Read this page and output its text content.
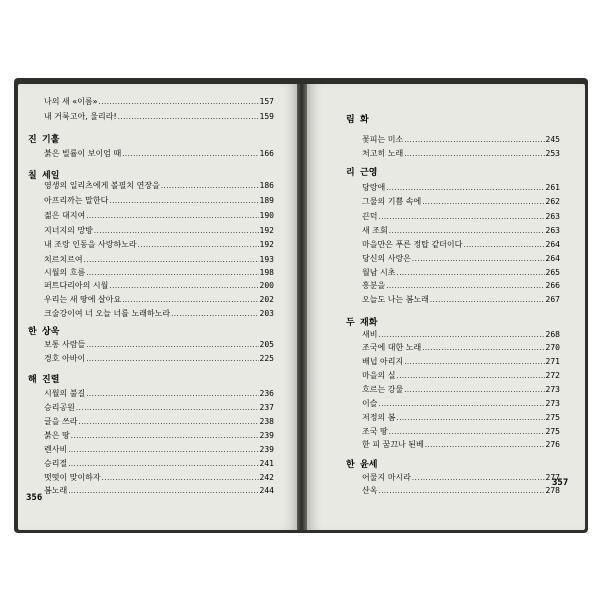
나의 새 «이름» .....	157
내 거룩고아, 울리라! .....	159
진 기훌
붉은 빌률이 보이엄 때 .....	166
칠 세일
영생의 일리츠에게 볼필치 연장을 .....	186
아프리까는 말한다 .....	189
젊은 대지여 .....	190
지너지의 망방 .....	192
내 조랑 인동을 사랑하노라 .....	192
치르치르여 .....	193
시월의 흐름 .....	198
퍼트다리아의 시월 .....	200
우리는 새 땅에 살아요 .....	202
크술강이여 너 오늘 너를 노래하노라 .....	203
한 상욱
보통 사람들 .....	205
경호 아바이 .....	225
해 진렬
시월의 불길 .....	236
승리공원 .....	237
글을 쓰라 .....	238
붉은 땅 .....	239
렌사비 .....	239
승리절 .....	241
떳떳이 맞이하자 .....	242
봄노래 .....	244
림 화
꽃피는 미소 .....	245
처고히 노래 .....	253
리 근영
당랑애 .....	261
그물의 기쁨 속에 .....	262
끈덕 .....	263
새 조회 .....	263
마을만은 푸른 정탑 같더이다 .....	264
당신의 사랑은 .....	264
월남 시초 .....	265
흥분을 .....	266
오늘도 나는 봄노래 .....	267
두 재화
새비 .....	268
조국에 대한 노래 .....	270
배넙 아리지 .....	271
마을의 실 .....	272
흐르는 강물 .....	273
이슬 .....	273
저정의 봄 .....	275
조국 땅 .....	275
한 피 꿈끄나 된베 .....	276
한 윤세
어물지 마시라 .....	277
산옥 .....	278
356
357
